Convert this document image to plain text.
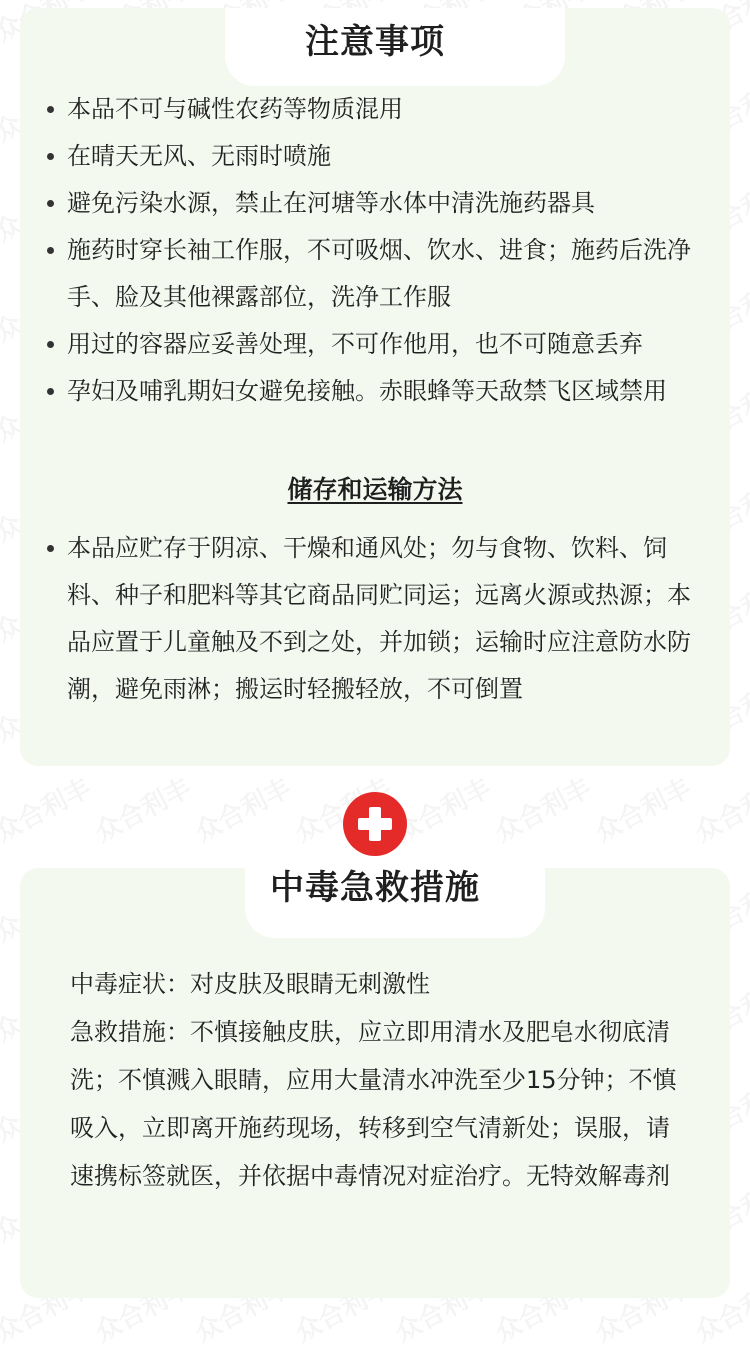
注意事项
本品不可与碱性农药等物质混用
在晴天无风、无雨时喷施
避免污染水源，禁止在河塘等水体中清洗施药器具
施药时穿长袖工作服，不可吸烟、饮水、进食；施药后洗净手、脸及其他裸露部位，洗净工作服
用过的容器应妥善处理，不可作他用，也不可随意丢弃
孕妇及哺乳期妇女避免接触。赤眼蜂等天敌禁飞区域禁用
储存和运输方法
本品应贮存于阴凉、干燥和通风处；勿与食物、饮料、饲料、种子和肥料等其它商品同贮同运；远离火源或热源；本品应置于儿童触及不到之处，并加锁；运输时应注意防水防潮，避免雨淋；搬运时轻搬轻放，不可倒置
中毒急救措施

中毒症状：对皮肤及眼睛无刺激性

急救措施：不慎接触皮肤，应立即用清水及肥皂水彻底清洗；不慎溅入眼睛，应用大量清水冲洗至少15分钟；不慎吸入，立即离开施药现场，转移到空气清新处；误服，请速携标签就医，并依据中毒情况对症治疗。无特效解毒剂
